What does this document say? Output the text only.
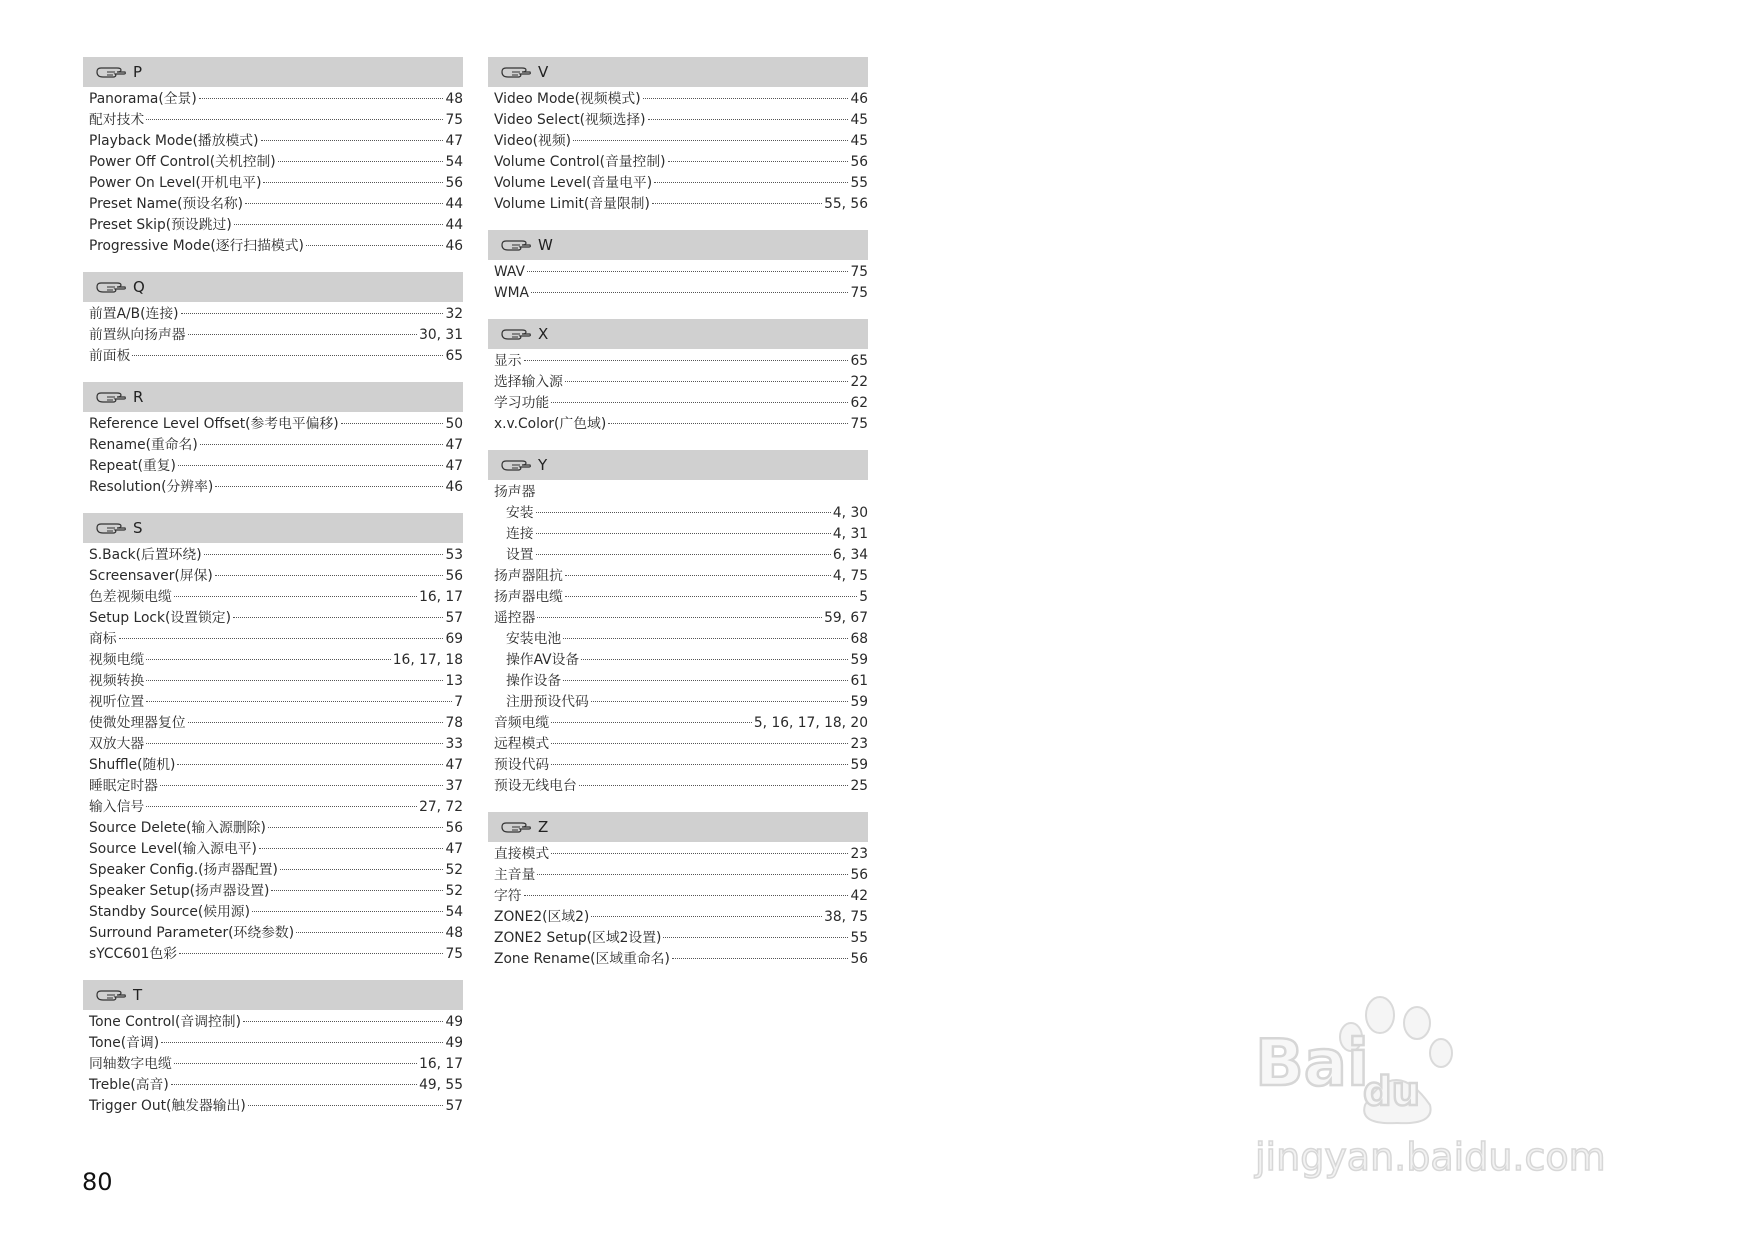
P
Panorama(全景)	48
配对技术	75
Playback Mode(播放模式)	47
Power Off Control(关机控制)	54
Power On Level(开机电平)	56
Preset Name(预设名称)	44
Preset Skip(预设跳过)	44
Progressive Mode(逐行扫描模式)	46
Q
前置A/B(连接)	32
前置纵向扬声器	30, 31
前面板	65
R
Reference Level Offset(参考电平偏移)	50
Rename(重命名)	47
Repeat(重复)	47
Resolution(分辨率)	46
S
S.Back(后置环绕)	53
Screensaver(屏保)	56
色差视频电缆	16, 17
Setup Lock(设置锁定)	57
商标	69
视频电缆	16, 17, 18
视频转换	13
视听位置	7
使微处理器复位	78
双放大器	33
Shuffle(随机)	47
睡眠定时器	37
输入信号	27, 72
Source Delete(输入源删除)	56
Source Level(输入源电平)	47
Speaker Config.(扬声器配置)	52
Speaker Setup(扬声器设置)	52
Standby Source(候用源)	54
Surround Parameter(环绕参数)	48
sYCC601色彩	75
T
Tone Control(音调控制)	49
Tone(音调)	49
同轴数字电缆	16, 17
Treble(高音)	49, 55
Trigger Out(触发器输出)	57
V
Video Mode(视频模式)	46
Video Select(视频选择)	45
Video(视频)	45
Volume Control(音量控制)	56
Volume Level(音量电平)	55
Volume Limit(音量限制)	55, 56
W
WAV	75
WMA	75
X
显示	65
选择输入源	22
学习功能	62
x.v.Color(广色域)	75
Y
扬声器
安装	4, 30
连接	4, 31
设置	6, 34
扬声器阻抗	4, 75
扬声器电缆	5
遥控器	59, 67
安装电池	68
操作AV设备	59
操作设备	61
注册预设代码	59
音频电缆	5, 16, 17, 18, 20
远程模式	23
预设代码	59
预设无线电台	25
Z
直接模式	23
主音量	56
字符	42
ZONE2(区域2)	38, 75
ZONE2 Setup(区域2设置)	55
Zone Rename(区域重命名)	56
80
Bai
du
jingyan.baidu.com
